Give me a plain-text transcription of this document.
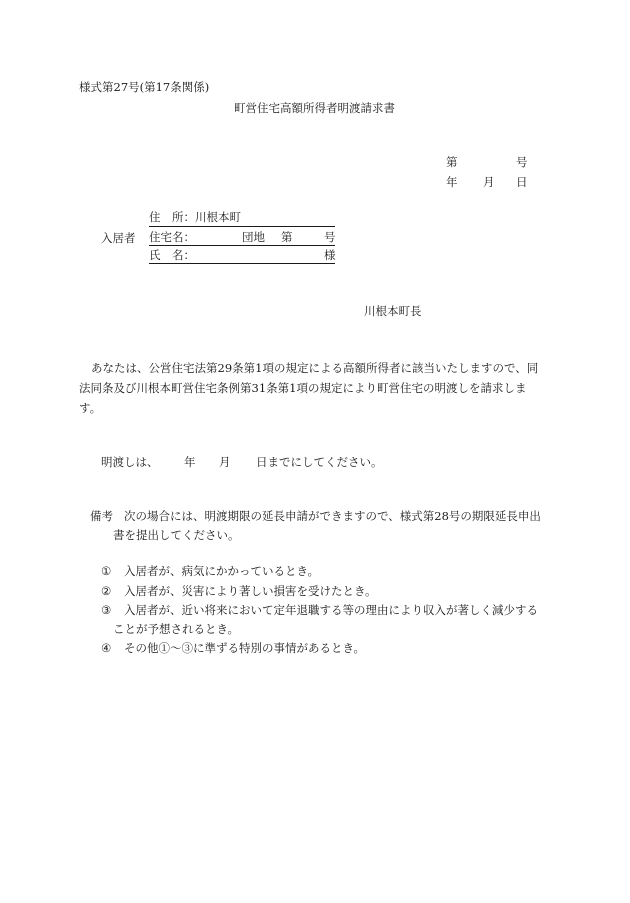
様式第27号(第17条関係)
町営住宅高額所得者明渡請求書
第	号
年 月 日
入居者
住　所：川根本町
住宅名：	団地 第	号
氏　名：	様
川根本町長
あなたは、公営住宅法第29条第1項の規定による高額所得者に該当いたしますので、同
法同条及び川根本町営住宅条例第31条第1項の規定により町営住宅の明渡しを請求しま
す。
明渡しは、 年 月 日までにしてください。
備考 次の場合には、明渡期限の延長申請ができますので、様式第28号の期限延長申出
書を提出してください。
① 入居者が、病気にかかっているとき。
② 入居者が、災害により著しい損害を受けたとき。
③ 入居者が、近い将来において定年退職する等の理由により収入が著しく減少する
ことが予想されるとき。
④ その他①～③に準ずる特別の事情があるとき。
